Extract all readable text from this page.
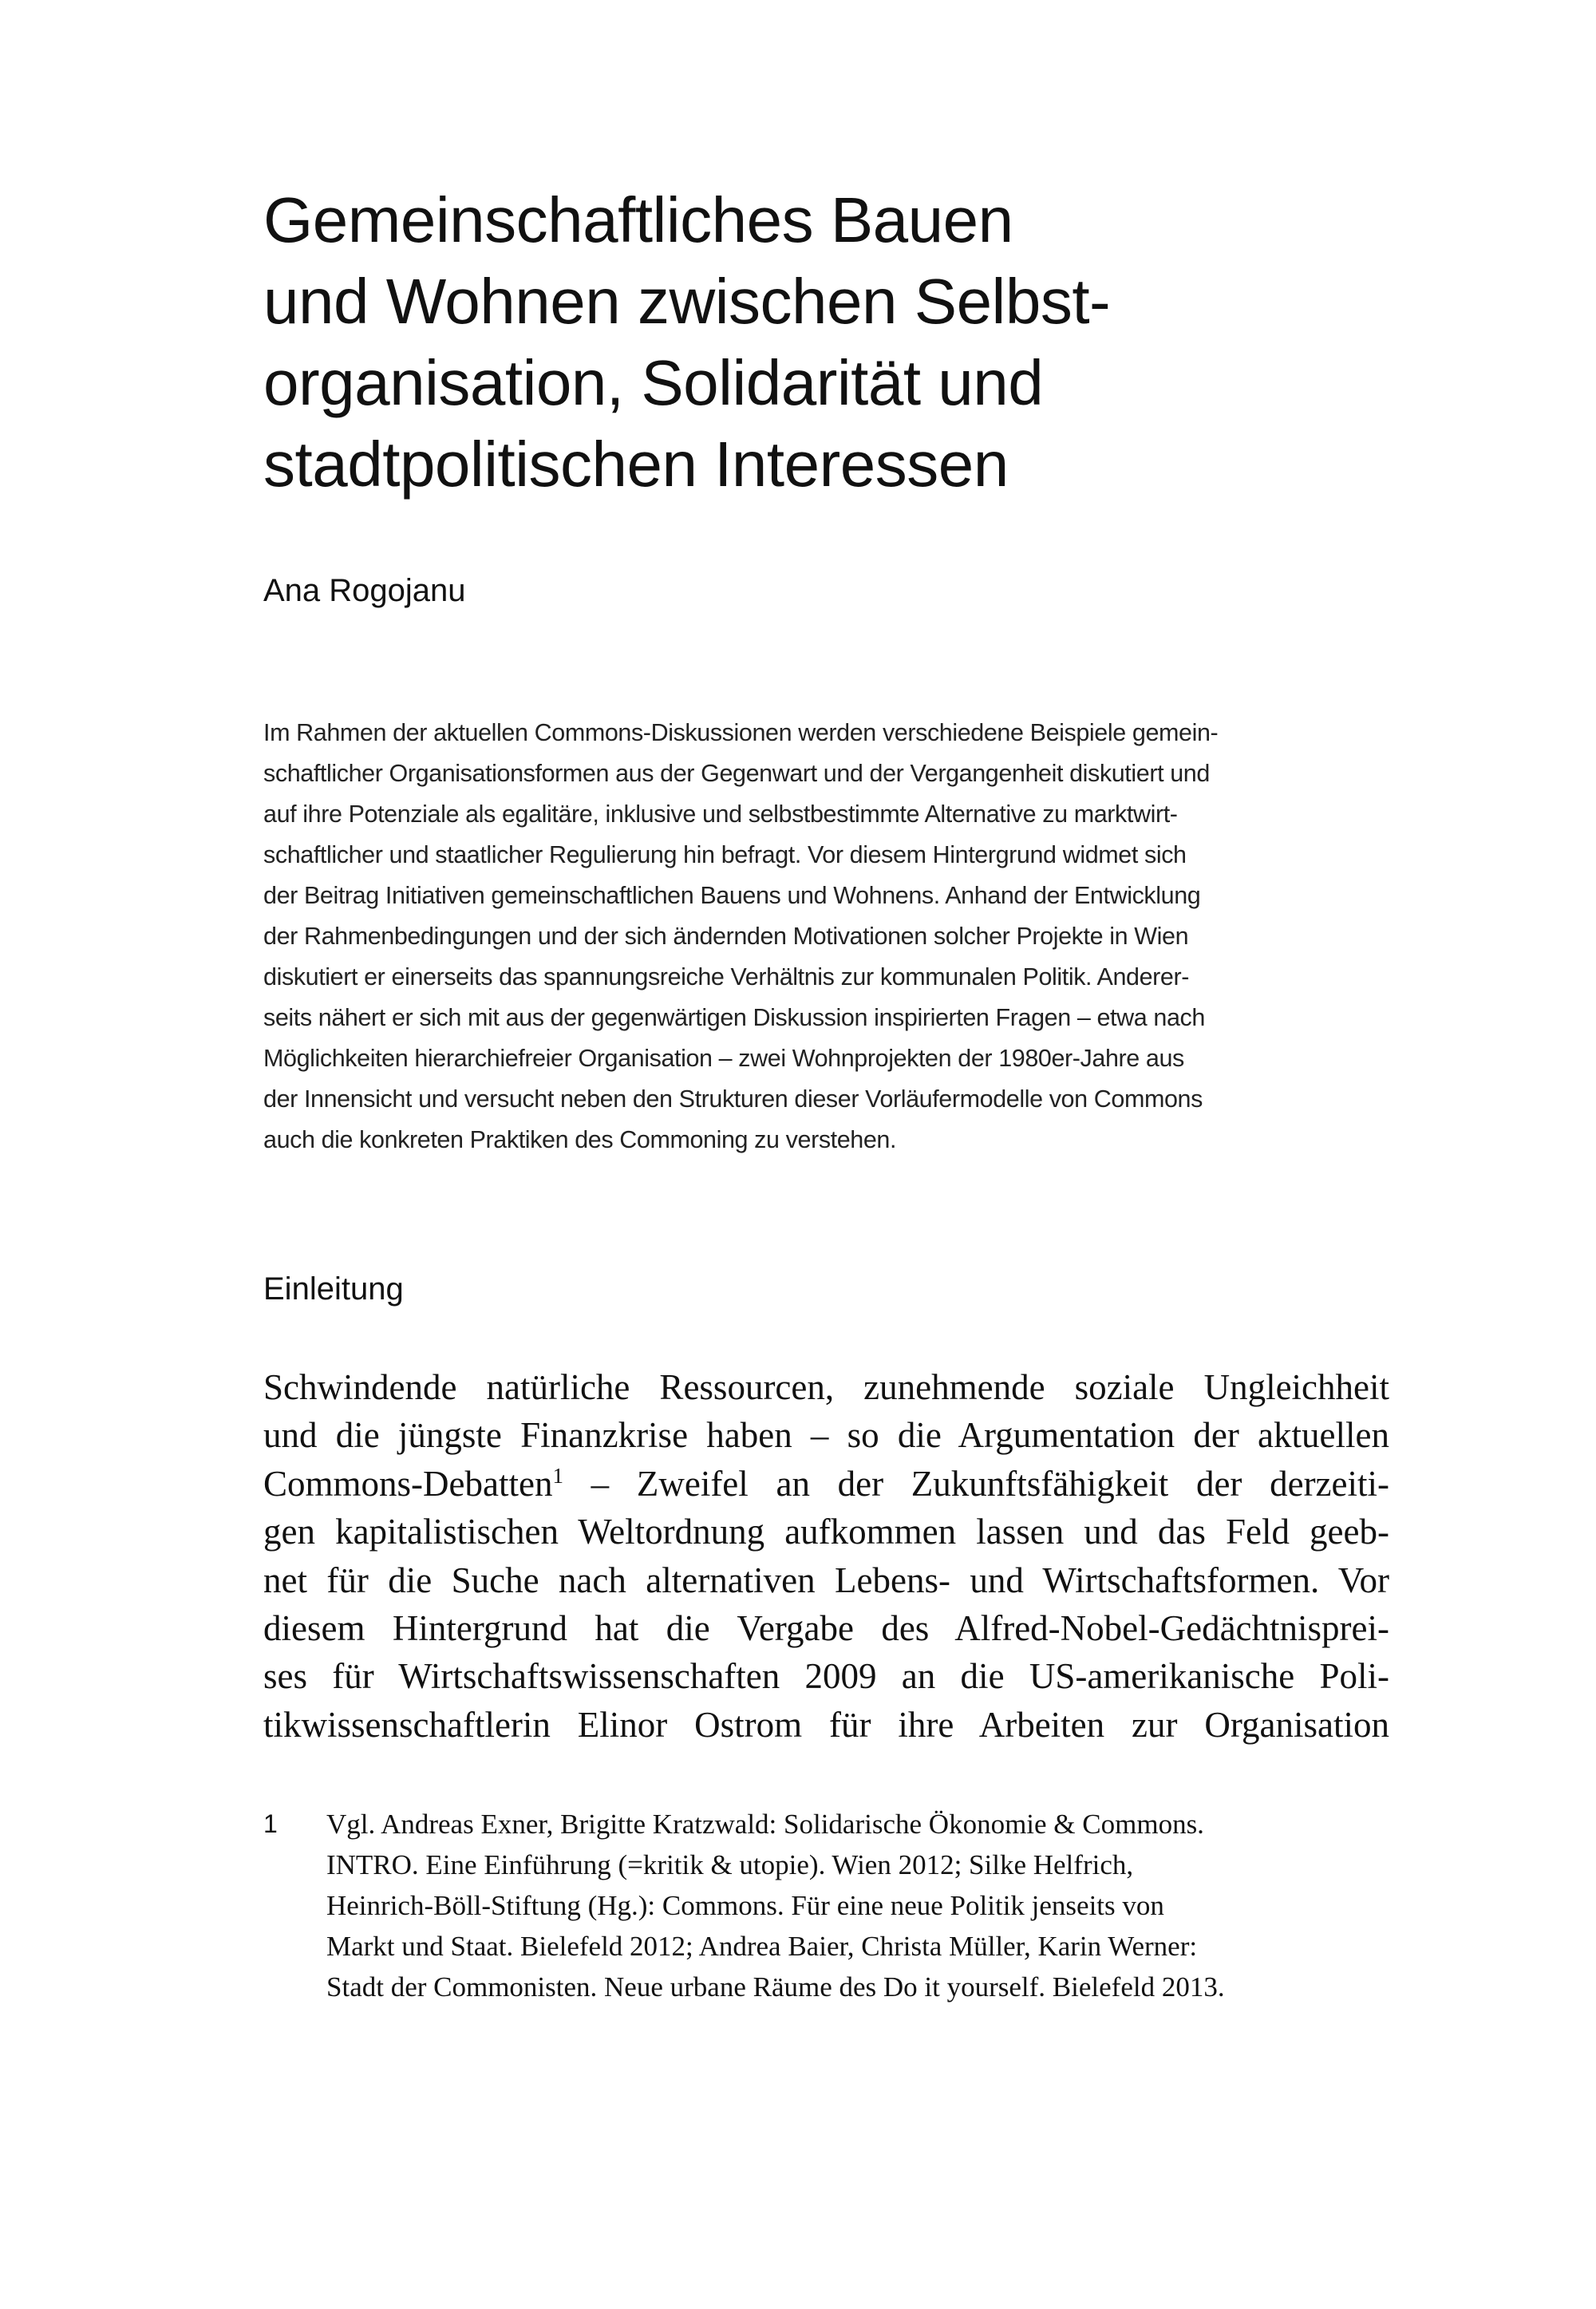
Gemeinschaftliches Bauen
und Wohnen zwischen Selbst-
organisation, Solidarität und
stadtpolitischen Interessen
Ana Rogojanu
Im Rahmen der aktuellen Commons-Diskussionen werden verschiedene Beispiele gemein-
schaftlicher Organisationsformen aus der Gegenwart und der Vergangenheit diskutiert und
auf ihre Potenziale als egalitäre, inklusive und selbstbestimmte Alternative zu marktwirt-
schaftlicher und staatlicher Regulierung hin befragt. Vor diesem Hintergrund widmet sich
der Beitrag Initiativen gemeinschaftlichen Bauens und Wohnens. Anhand der Entwicklung
der Rahmenbedingungen und der sich ändernden Motivationen solcher Projekte in Wien
diskutiert er einerseits das spannungsreiche Verhältnis zur kommunalen Politik. Anderer-
seits nähert er sich mit aus der gegenwärtigen Diskussion inspirierten Fragen – etwa nach
Möglichkeiten hierarchiefreier Organisation – zwei Wohnprojekten der 1980er-Jahre aus
der Innensicht und versucht neben den Strukturen dieser Vorläufermodelle von Commons
auch die konkreten Praktiken des Commoning zu verstehen.
Einleitung
Schwindende natürliche Ressourcen, zunehmende soziale Ungleichheit
und die jüngste Finanzkrise haben – so die Argumentation der aktuellen
Commons-Debatten$^1$ – Zweifel an der Zukunftsfähigkeit der derzeiti-
gen kapitalistischen Weltordnung aufkommen lassen und das Feld geeb-
net für die Suche nach alternativen Lebens- und Wirtschaftsformen. Vor
diesem Hintergrund hat die Vergabe des Alfred-Nobel-Gedächtnisprei-
ses für Wirtschaftswissenschaften 2009 an die US-amerikanische Poli-
tikwissenschaftlerin Elinor Ostrom für ihre Arbeiten zur Organisation
1 Vgl. Andreas Exner, Brigitte Kratzwald: Solidarische Ökonomie & Commons.
INTRO. Eine Einführung (=kritik & utopie). Wien 2012; Silke Helfrich,
Heinrich-Böll-Stiftung (Hg.): Commons. Für eine neue Politik jenseits von
Markt und Staat. Bielefeld 2012; Andrea Baier, Christa Müller, Karin Werner:
Stadt der Commonisten. Neue urbane Räume des Do it yourself. Bielefeld 2013.
